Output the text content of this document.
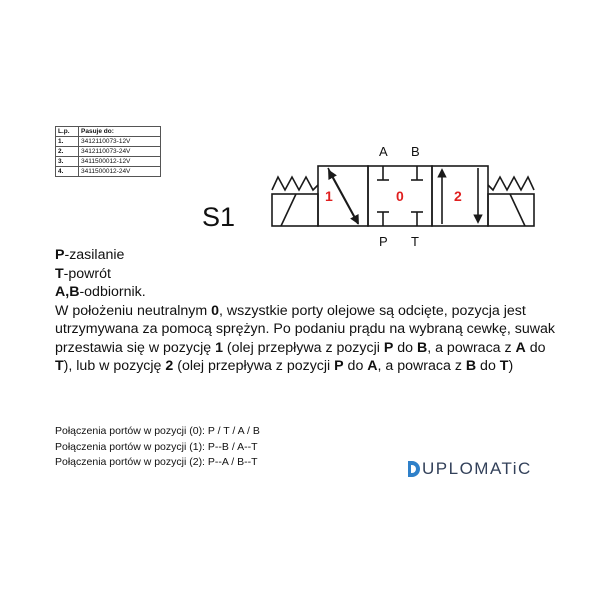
L.p.	Pasuje do:
1.	3412110073-12V
2.	3412110073-24V
3.	3411500012-12V
4.	3411500012-24V
S1
A B
P T
1	0	2

P-zasilanie

T-powrót

A,B-odbiornik.

W położeniu neutralnym 0, wszystkie porty olejowe są odcięte, pozycja jest utrzymywana za pomocą sprężyn. Po podaniu prądu na wybraną cewkę, suwak przestawia się w pozycję 1 (olej przepływa z pozycji P do B, a powraca z A do T), lub w pozycję 2 (olej przepływa z pozycji P do A, a powraca z B do T)

Połączenia portów w pozycji (0): P / T / A / B

Połączenia portów w pozycji (1): P--B / A--T

Połączenia portów w pozycji (2): P--A / B--T	UPLOMATiC
